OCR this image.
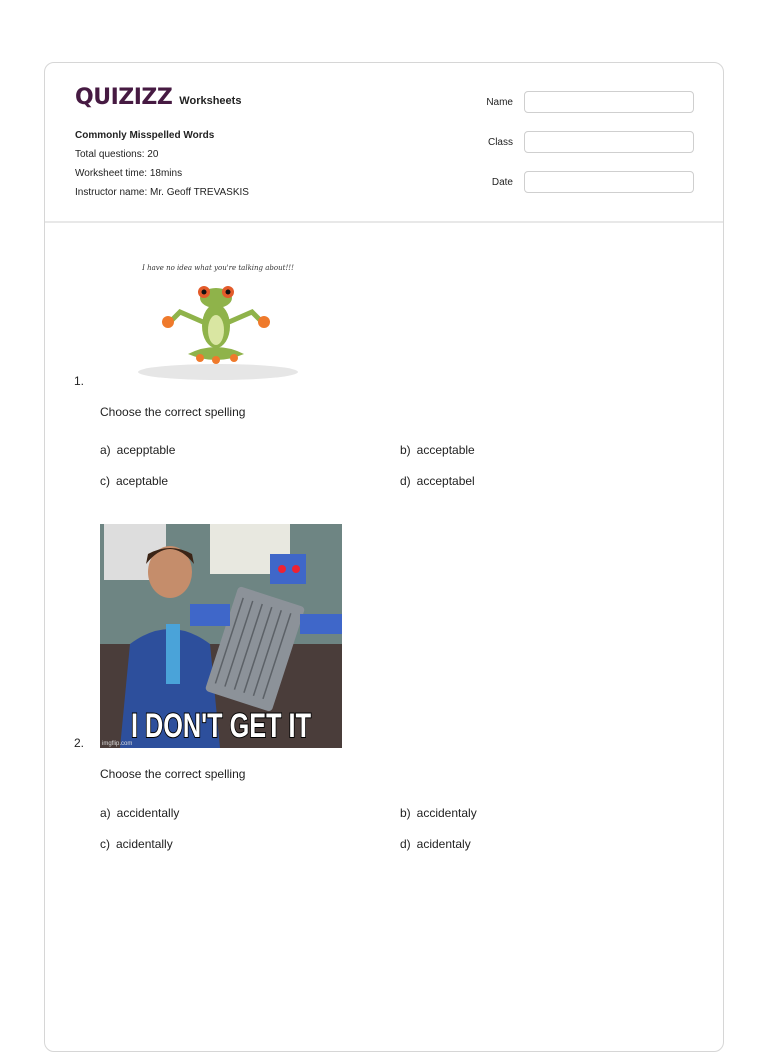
QUIZIZZ Worksheets
Commonly Misspelled Words
Total questions: 20
Worksheet time: 18mins
Instructor name: Mr. Geoff TREVASKIS
Name
Class
Date
I have no idea what you're talking about!!!
1.
Choose the correct spelling
a) acepptable	b) acceptable
c) aceptable	d) acceptabel
I DON'T GET IT
imgflip.com
2.
Choose the correct spelling
a) accidentally	b) accidentaly
c) acidentally	d) acidentaly
